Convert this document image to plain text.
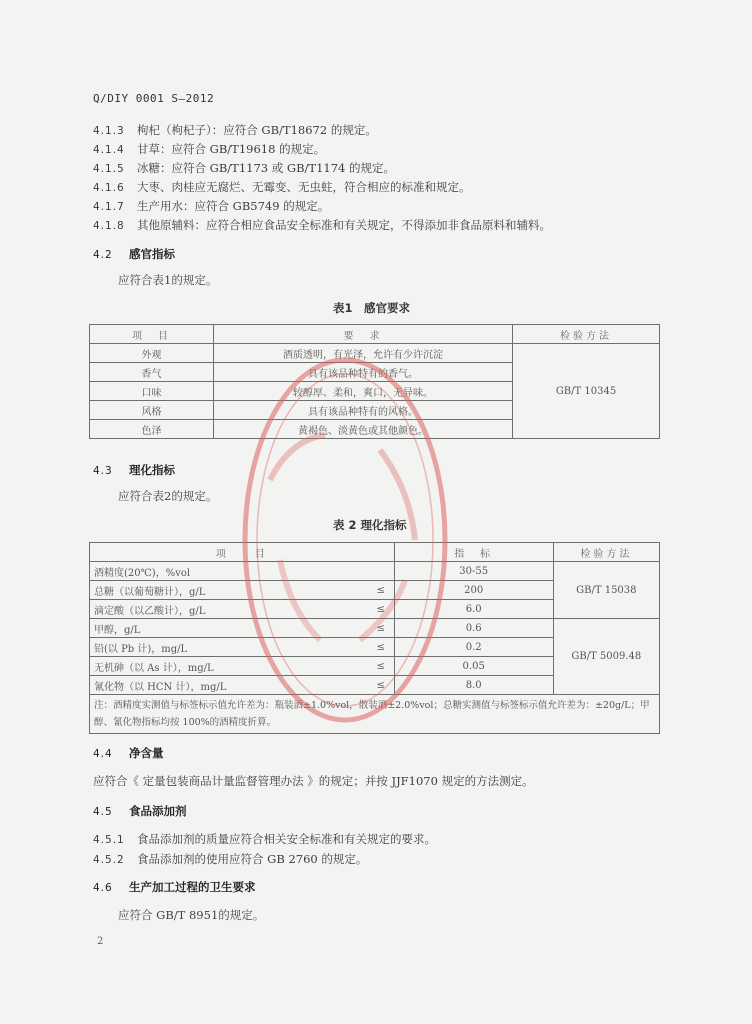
Q/DIY 0001 S—2012
4.1.3 枸杞（枸杞子）：应符合 GB/T18672 的规定。
4.1.4 甘草：应符合 GB/T19618 的规定。
4.1.5 冰糖：应符合 GB/T1173 或 GB/T1174 的规定。
4.1.6 大枣、肉桂应无腐烂、无霉变、无虫蛀，符合相应的标准和规定。
4.1.7 生产用水：应符合 GB5749 的规定。
4.1.8 其他原辅料：应符合相应食品安全标准和有关规定，不得添加非食品原料和辅料。
4.2 感官指标
应符合表1的规定。
表1　感官要求
项　目	要　求	检验方法
外观	酒质透明，有光泽，允许有少许沉淀	GB/T 10345
香气	具有该品种特有的香气。	
口味	较醇厚、柔和，爽口，无异味。	
风格	具有该品种特有的风格。	
色泽	黄褐色、淡黄色或其他颜色。	
4.3 理化指标
应符合表2的规定。
表 2 理化指标
项　　目		指　标	检验方法
酒精度(20℃)，%vol		30-55	GB/T 15038
总糖（以葡萄糖计），g/L	≤	200	
滴定酸（以乙酸计），g/L	≤	6.0	
甲醇，g/L	≤	0.6	GB/T 5009.48
铅(以 Pb 计)，mg/L	≤	0.2	
无机砷（以 As 计），mg/L	≤	0.05	
氰化物（以 HCN 计），mg/L	≤	8.0	
注：酒精度实测值与标签标示值允许差为：瓶装酒±1.0%vol，散装酒±2.0%vol；总糖实测值与标签标示值允许差为：±20g/L；甲醇、氰化物指标均按 100%的酒精度折算。			
4.4 净含量
应符合《 定量包装商品计量监督管理办法 》的规定；并按 JJF1070 规定的方法测定。
4.5 食品添加剂
4.5.1 食品添加剂的质量应符合相关安全标准和有关规定的要求。
4.5.2 食品添加剂的使用应符合 GB 2760 的规定。
4.6 生产加工过程的卫生要求
应符合 GB/T 8951的规定。
2
